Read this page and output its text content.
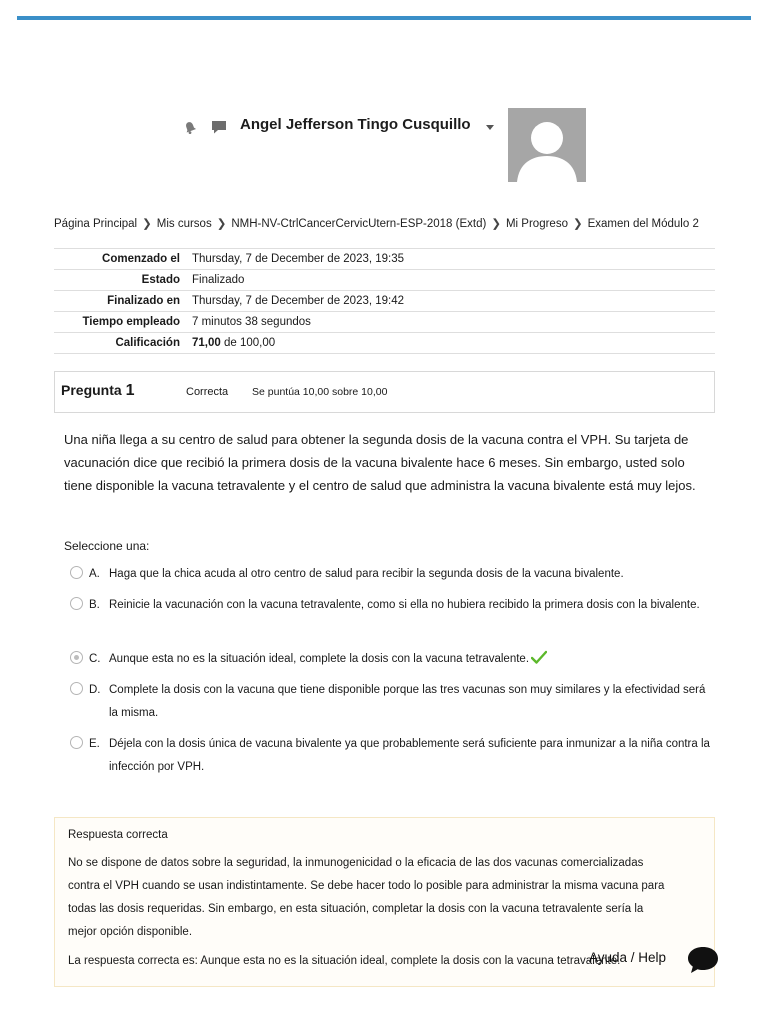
Angel Jefferson Tingo Cusquillo
Página Principal ❯ Mis cursos ❯ NMH-NV-CtrlCancerCervicUtern-ESP-2018 (Extd) ❯ Mi Progreso ❯ Examen del Módulo 2
Comenzado el	Thursday, 7 de December de 2023, 19:35
Estado	Finalizado
Finalizado en	Thursday, 7 de December de 2023, 19:42
Tiempo empleado	7 minutos 38 segundos
Calificación	71,00 de 100,00
Pregunta 1	Correcta Se puntúa 10,00 sobre 10,00
Una niña llega a su centro de salud para obtener la segunda dosis de la vacuna contra el VPH. Su tarjeta de vacunación dice que recibió la primera dosis de la vacuna bivalente hace 6 meses. Sin embargo, usted solo tiene disponible la vacuna tetravalente y el centro de salud que administra la vacuna bivalente está muy lejos.
Seleccione una:
A. Haga que la chica acuda al otro centro de salud para recibir la segunda dosis de la vacuna bivalente.
B. Reinicie la vacunación con la vacuna tetravalente, como si ella no hubiera recibido la primera dosis con la bivalente.
C. Aunque esta no es la situación ideal, complete la dosis con la vacuna tetravalente.
D. Complete la dosis con la vacuna que tiene disponible porque las tres vacunas son muy similares y la efectividad será la misma.
E. Déjela con la dosis única de vacuna bivalente ya que probablemente será suficiente para inmunizar a la niña contra la infección por VPH.
Respuesta correcta
No se dispone de datos sobre la seguridad, la inmunogenicidad o la eficacia de las dos vacunas comercializadas contra el VPH cuando se usan indistintamente. Se debe hacer todo lo posible para administrar la misma vacuna para todas las dosis requeridas. Sin embargo, en esta situación, completar la dosis con la vacuna tetravalente sería la mejor opción disponible.
La respuesta correcta es: Aunque esta no es la situación ideal, complete la dosis con la vacuna tetravalente.
Ayuda / Help
